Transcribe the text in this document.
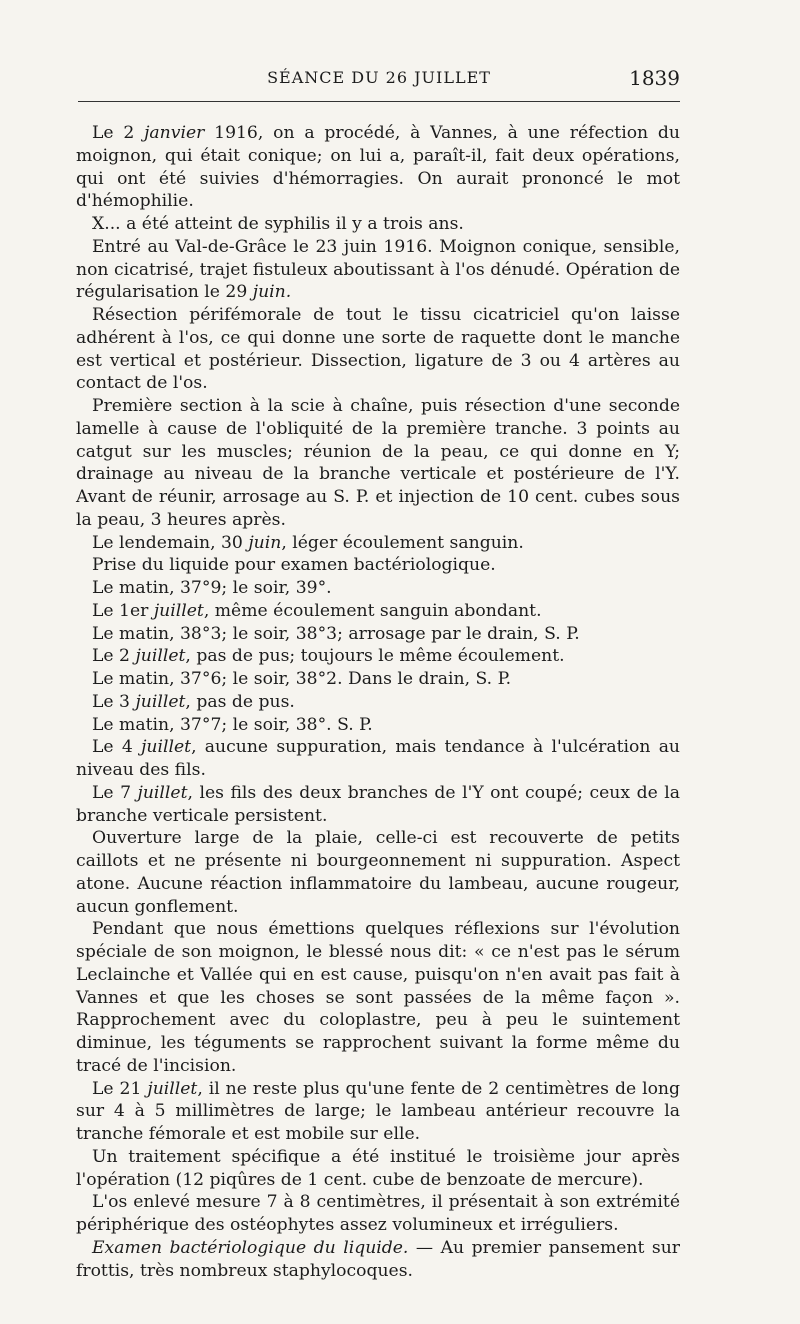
SÉANCE DU 26 JUILLET	1839

Le 2 janvier 1916, on a procédé, à Vannes, à une réfection du moignon, qui était conique; on lui a, paraît-il, fait deux opérations, qui ont été suivies d'hémorragies. On aurait prononcé le mot d'hémophilie.

X... a été atteint de syphilis il y a trois ans.

Entré au Val-de-Grâce le 23 juin 1916. Moignon conique, sensible, non cicatrisé, trajet fistuleux aboutissant à l'os dénudé. Opération de régularisation le 29 juin.

Résection périfémorale de tout le tissu cicatriciel qu'on laisse adhérent à l'os, ce qui donne une sorte de raquette dont le manche est vertical et postérieur. Dissection, ligature de 3 ou 4 artères au contact de l'os.

Première section à la scie à chaîne, puis résection d'une seconde lamelle à cause de l'obliquité de la première tranche. 3 points au catgut sur les muscles; réunion de la peau, ce qui donne en Y; drainage au niveau de la branche verticale et postérieure de l'Y. Avant de réunir, arrosage au S. P. et injection de 10 cent. cubes sous la peau, 3 heures après.

Le lendemain, 30 juin, léger écoulement sanguin.

Prise du liquide pour examen bactériologique.

Le matin, 37°9; le soir, 39°.

Le 1er juillet, même écoulement sanguin abondant.

Le matin, 38°3; le soir, 38°3; arrosage par le drain, S. P.

Le 2 juillet, pas de pus; toujours le même écoulement.

Le matin, 37°6; le soir, 38°2. Dans le drain, S. P.

Le 3 juillet, pas de pus.

Le matin, 37°7; le soir, 38°. S. P.

Le 4 juillet, aucune suppuration, mais tendance à l'ulcération au niveau des fils.

Le 7 juillet, les fils des deux branches de l'Y ont coupé; ceux de la branche verticale persistent.

Ouverture large de la plaie, celle-ci est recouverte de petits caillots et ne présente ni bourgeonnement ni suppuration. Aspect atone. Aucune réaction inflammatoire du lambeau, aucune rougeur, aucun gonflement.

Pendant que nous émettions quelques réflexions sur l'évolution spéciale de son moignon, le blessé nous dit: « ce n'est pas le sérum Leclainche et Vallée qui en est cause, puisqu'on n'en avait pas fait à Vannes et que les choses se sont passées de la même façon ». Rapprochement avec du coloplastre, peu à peu le suintement diminue, les téguments se rapprochent suivant la forme même du tracé de l'incision.

Le 21 juillet, il ne reste plus qu'une fente de 2 centimètres de long sur 4 à 5 millimètres de large; le lambeau antérieur recouvre la tranche fémorale et est mobile sur elle.

Un traitement spécifique a été institué le troisième jour après l'opération (12 piqûres de 1 cent. cube de benzoate de mercure).

L'os enlevé mesure 7 à 8 centimètres, il présentait à son extrémité périphérique des ostéophytes assez volumineux et irréguliers.

Examen bactériologique du liquide. — Au premier pansement sur frottis, très nombreux staphylocoques.
